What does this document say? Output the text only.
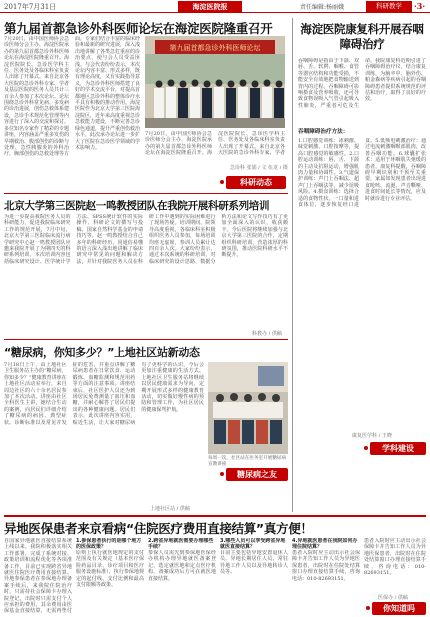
2017年7月31日	海淀医院报	责任编辑:杨丽娥	科研教学	·3·
第九届首都急诊外科医师论坛在海淀医院隆重召开
7月20日，由中国医师协会急诊医师分会主办、海淀医院承办的第九届首都急诊外科医师论坛在海淀医院隆重召开。海淀医院院长、急诊医学科主任、医务处及各临床科室负责人出席了开幕式。来自北京各大医院的急诊外科专家、学者及基层医院的医务人员共计三百余人参加了本次论坛。论坛围绕急诊外科常见病、多发病的诊治进展，创伤急救体系建设，急诊手术规范化管理等内容进行了深入的交流和探讨。多位知名专家作了精彩的专题讲座，内容涵盖严重多发伤的早期救治、腹部创伤的诊断与处理、急性胰腺炎的外科治疗、胸部创伤的急救处理等方面。专家们结合丰富的临床经验和最新的研究进展，深入浅出地讲解了各类急危重症的诊治要点，使与会人员受益匪浅。与会代表纷纷表示，本次论坛内容丰富、形式多样，既有理论高度，又有实践指导意义，为急诊外科医师搭建了良好的学术交流平台，对提高首都地区急诊外科的整体诊疗水平具有积极的推动作用。海淀医院作为北京大学第三医院海淀院区，近年来高度重视急诊急救能力建设，不断完善急诊绿色通道，提升严重创伤救治水平，此次承办论坛进一步扩大了医院在急诊医学领域的学术影响力。
第九届首都急诊外科医师论坛
7月20日，由中国医师协会急诊医师分会主办、海淀医院承办的第九届首都急诊外科医师论坛在海淀医院隆重召开。海淀医院院长、急诊医学科主任、医务处及各临床科室负责人出席了开幕式。来自北京各大医院的急诊外科专家、学者
急诊科 张娟 / 文 伍龙 / 摄
科研动态
北京大学第三医院赵一鸣教授团队在我院开展科研系列培训
为进一步提高我院医务人员的科研能力，促进我院临床研究工作的规范开展，7月中旬，北京大学第三医院临床流行病学研究中心赵一鸣教授团队应邀来我院开展了为期四天的科研系列培训。本次培训内容包括临床研究设计、医学统计学方法、SPSS统计软件的实际操作、科研论文的撰写与投稿、国家自然科学基金的申请技巧等。赵一鸣教授结合自己多年的科研经历，用通俗易懂的语言深入浅出地讲解了临床研究中常见的问题和解决方法，并针对我院医务人员在科研工作中遇到的实际困难进行了现场答疑。培训期间，院领导高度重视，各临床科室积极组织医务人员参加，每场培训均座无虚席，参训人员累计达四百余人次。大家纷纷表示，通过本次系统的科研培训，对临床研究的设计思路、数据分析方法和论文写作技巧有了更加全面深入的认识，收获颇丰。今后医院将继续加强与北京大学第三医院的合作，定期组织科研培训，营造浓厚的科研氛围，推动医院科研水平不断提升。
科教办 / 供稿
“糖尿病，你知多少？”上地社区站新动态
7月18日上午，由上地社区卫生服务站主办的“糖尿病，你知多少？”健康教育讲座在上地社区活动室举行，来自周边社区的六十余名居民参加了本次活动。讲座由社区全科医生主讲，她结合生动的案例，向居民们详细介绍了糖尿病的病因、典型症状、诊断标准以及常见并发症的危害，并重点讲解了糖尿病患者在日常饮食、运动锻炼、血糖监测和规范用药等方面的注意事项。讲座结束后，社区医护人员还为到场居民免费测量了血压和血糖，并耐心解答了居民们提出的各种健康问题。居民们表示，此次讲座内容实用，贴近生活，让大家对糖尿病有了更科学的认识，今后会更加注重健康的生活方式。上地社区卫生服务站将继续以居民健康需求为导向，定期开展形式多样的健康教育活动，切实做好慢性病的预防和管理工作，为社区居民的健康保驾护航。
每周一次，社区站在医务室开展糖尿病宣教讲座
上地社区站 / 供稿
糖尿病之友
海淀医院康复科开展吞咽障碍治疗
吞咽障碍是指由于下颌、双唇、舌、软腭、咽喉、食管等器官结构和功能受损，不能安全有效地把食物输送到胃内的过程。吞咽障碍可影响摄食及营养吸收，还可导致食物误吸入气管引起吸入性肺炎，严重者可危及生命。我院康复科近期引进了吞咽障碍治疗仪，结合康复训练，为脑卒中、脑外伤、帕金森病等疾病引起的吞咽障碍患者提供系统规范的评估和治疗，取得了良好的疗效。
吞咽障碍治疗方法：
1.口腔感觉训练：冰刺激、味觉刺激、口腔按摩等，提高口腔感觉的敏感性。2.口腔运动训练：唇、舌、下颌的主动及抗阻运动，增强肌肉力量和协调性。3.气道保护训练：声门上吞咽法、超声门上吞咽法等，减少误吸风险。4.摄食训练：选择合适的食物性状、一口量和进食体位，逐步恢复经口进食。5.低频电刺激治疗：通过电流刺激咽喉部肌肉，改善吞咽功能。6.球囊扩张术：适用于环咽肌失弛缓的患者。康复科提醒，吞咽障碍早期识别和干预至关重要，家属如发现患者出现进食呛咳、流涎、声音嘶哑、进食时间延长等情况，应及时就诊进行专业评估。
康复医学科 / 王晓
学科建设
异地医保患者来京看病“住院医疗费用直接结算”真方便！
自国家异地就医直接结算系统上线以来，我院积极落实相关工作部署，完成了系统对接、政策培训和流程优化等各项准备工作，目前已实现跨省异地就医住院医疗费用直接结算。异地参保患者在参保地办理备案手续后，来我院住院治疗时，只需持社会保障卡办理入院登记，出院时只需支付个人应承担的费用，其余费用由医保基金直接结算，无需再垫付
1.参保患者执行的是哪个地方的医保政策？
原则上执行就医地规定的支付范围及有关规定（基本医疗保险药品目录、诊疗项目和医疗服务设施标准），执行参保地规定的起付线、支付比例和最高支付限额等政策。
2.跨省异地就医需要办理哪些手续？
参保人员需先到参保地医保经办机构办理异地就医备案登记，选定就医地和定点医疗机构，备案成功后方可在就医地直接结算。
3.哪些人员可以享受跨省异地就医直接结算？
目前主要包括异地安置退休人员、异地长期居住人员、常驻异地工作人员以及异地转诊人员等。
4.异地就医患者在我院如何办理住院结算？
患者入院时应主动出示社会保障卡并告知工作人员为异地医保患者，出院时在住院处结算窗口办理直接结算手续，咨询电话：010-82693151。
患者入院时应主动出示社会保障卡并告知工作人员为异地医保患者，出院时在住院处结算窗口办理直接结算手续，咨询电话：010-82693151。
医保办 / 供稿
你知道吗
